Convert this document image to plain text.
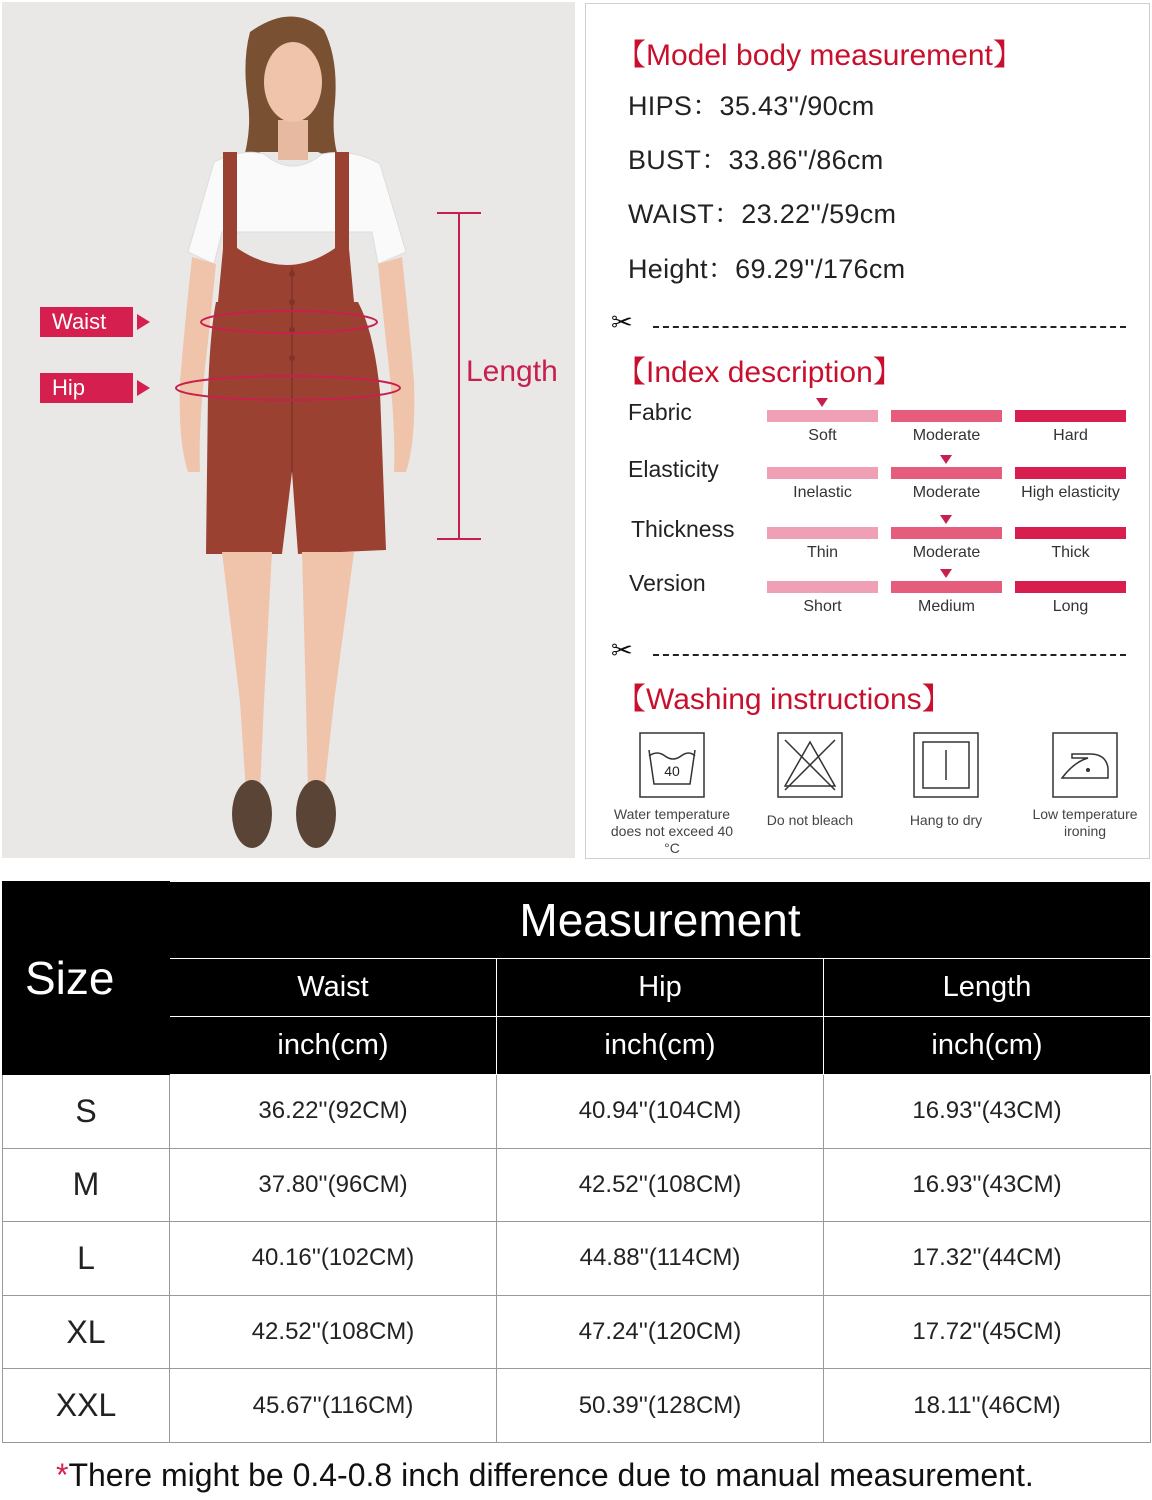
Waist
Hip	Length
【Model body measurement】
HIPS：35.43''/90cm
BUST：33.86''/86cm
WAIST：23.22''/59cm
Height：69.29''/176cm
✂
【Index description】
Fabric
Soft	Moderate	Hard
Elasticity
Inelastic	Moderate	High elasticity
Thickness
Thin	Moderate	Thick
Version
Short	Medium	Long
✂
【Washing instructions】
40
Water temperature
does not exceed 40 °C
Do not bleach	Hang to dry	Low temperature
ironing
Size	Measurement		
	Waist	Hip	Length
	inch(cm)	inch(cm)	inch(cm)
S	36.22''(92CM)	40.94''(104CM)	16.93''(43CM)
M	37.80''(96CM)	42.52''(108CM)	16.93''(43CM)
L	40.16''(102CM)	44.88''(114CM)	17.32''(44CM)
XL	42.52''(108CM)	47.24''(120CM)	17.72''(45CM)
XXL	45.67''(116CM)	50.39''(128CM)	18.11''(46CM)
*There might be 0.4-0.8 inch difference due to manual measurement.
